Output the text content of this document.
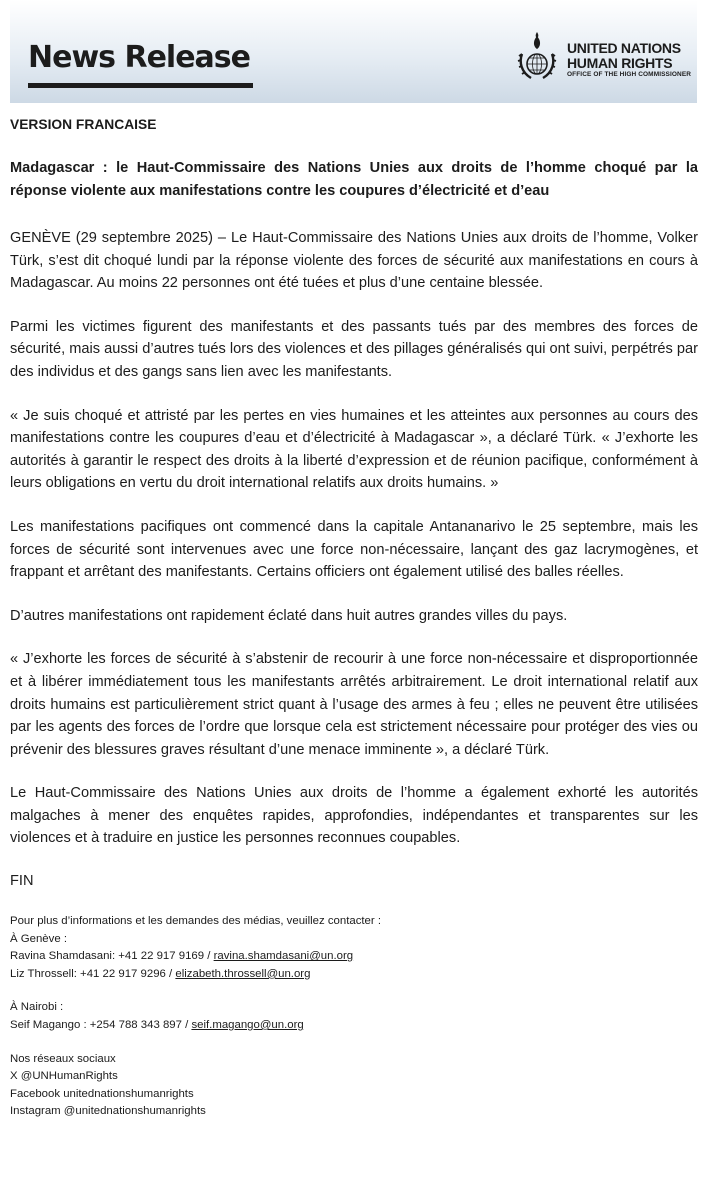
News Release	UNITED NATIONS
HUMAN RIGHTS
OFFICE OF THE HIGH COMMISSIONER
VERSION FRANCAISE
Madagascar : le Haut-Commissaire des Nations Unies aux droits de l’homme choqué par la réponse violente aux manifestations contre les coupures d’électricité et d’eau

GENÈVE (29 septembre 2025) – Le Haut-Commissaire des Nations Unies aux droits de l’homme, Volker Türk, s’est dit choqué lundi par la réponse violente des forces de sécurité aux manifestations en cours à Madagascar. Au moins 22 personnes ont été tuées et plus d’une centaine blessée.

Parmi les victimes figurent des manifestants et des passants tués par des membres des forces de sécurité, mais aussi d’autres tués lors des violences et des pillages généralisés qui ont suivi, perpétrés par des individus et des gangs sans lien avec les manifestants.

« Je suis choqué et attristé par les pertes en vies humaines et les atteintes aux personnes au cours des manifestations contre les coupures d’eau et d’électricité à Madagascar », a déclaré Türk. « J’exhorte les autorités à garantir le respect des droits à la liberté d’expression et de réunion pacifique, conformément à leurs obligations en vertu du droit international relatifs aux droits humains. »

Les manifestations pacifiques ont commencé dans la capitale Antananarivo le 25 septembre, mais les forces de sécurité sont intervenues avec une force non-nécessaire, lançant des gaz lacrymogènes, et frappant et arrêtant des manifestants. Certains officiers ont également utilisé des balles réelles.

D’autres manifestations ont rapidement éclaté dans huit autres grandes villes du pays.

« J’exhorte les forces de sécurité à s’abstenir de recourir à une force non-nécessaire et disproportionnée et à libérer immédiatement tous les manifestants arrêtés arbitrairement. Le droit international relatif aux droits humains est particulièrement strict quant à l’usage des armes à feu ; elles ne peuvent être utilisées par les agents des forces de l’ordre que lorsque cela est strictement nécessaire pour protéger des vies ou prévenir des blessures graves résultant d’une menace imminente », a déclaré Türk.

Le Haut-Commissaire des Nations Unies aux droits de l’homme a également exhorté les autorités malgaches à mener des enquêtes rapides, approfondies, indépendantes et transparentes sur les violences et à traduire en justice les personnes reconnues coupables.

FIN
Pour plus d’informations et les demandes des médias, veuillez contacter :
À Genève :
Ravina Shamdasani: +41 22 917 9169 / ravina.shamdasani@un.org
Liz Throssell: +41 22 917 9296 / elizabeth.throssell@un.org
À Nairobi :
Seif Magango : +254 788 343 897 / seif.magango@un.org
Nos réseaux sociaux
X @UNHumanRights
Facebook unitednationshumanrights
Instagram @unitednationshumanrights
